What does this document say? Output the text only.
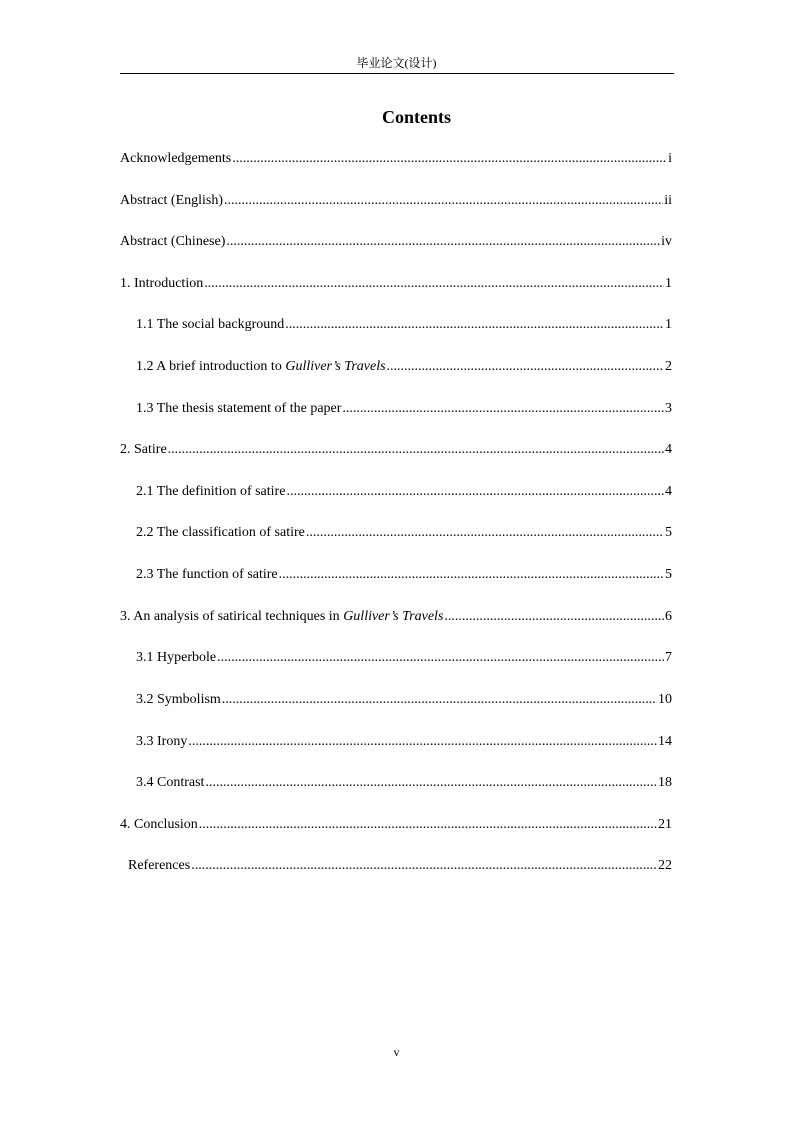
毕业论文(设计)
Contents
Acknowledgements .....	i
Abstract (English) .....	ii
Abstract (Chinese) .....	iv
1. Introduction .....	1
1.1 The social background .....	1
1.2 A brief introduction to Gulliver’s Travels .....	2
1.3 The thesis statement of the paper .....	3
2. Satire .....	4
2.1 The definition of satire .....	4
2.2 The classification of satire .....	5
2.3 The function of satire .....	5
3. An analysis of satirical techniques in Gulliver’s Travels .....	6
3.1 Hyperbole .....	7
3.2 Symbolism .....	10
3.3 Irony .....	14
3.4 Contrast .....	18
4. Conclusion .....	21
References .....	22
v
